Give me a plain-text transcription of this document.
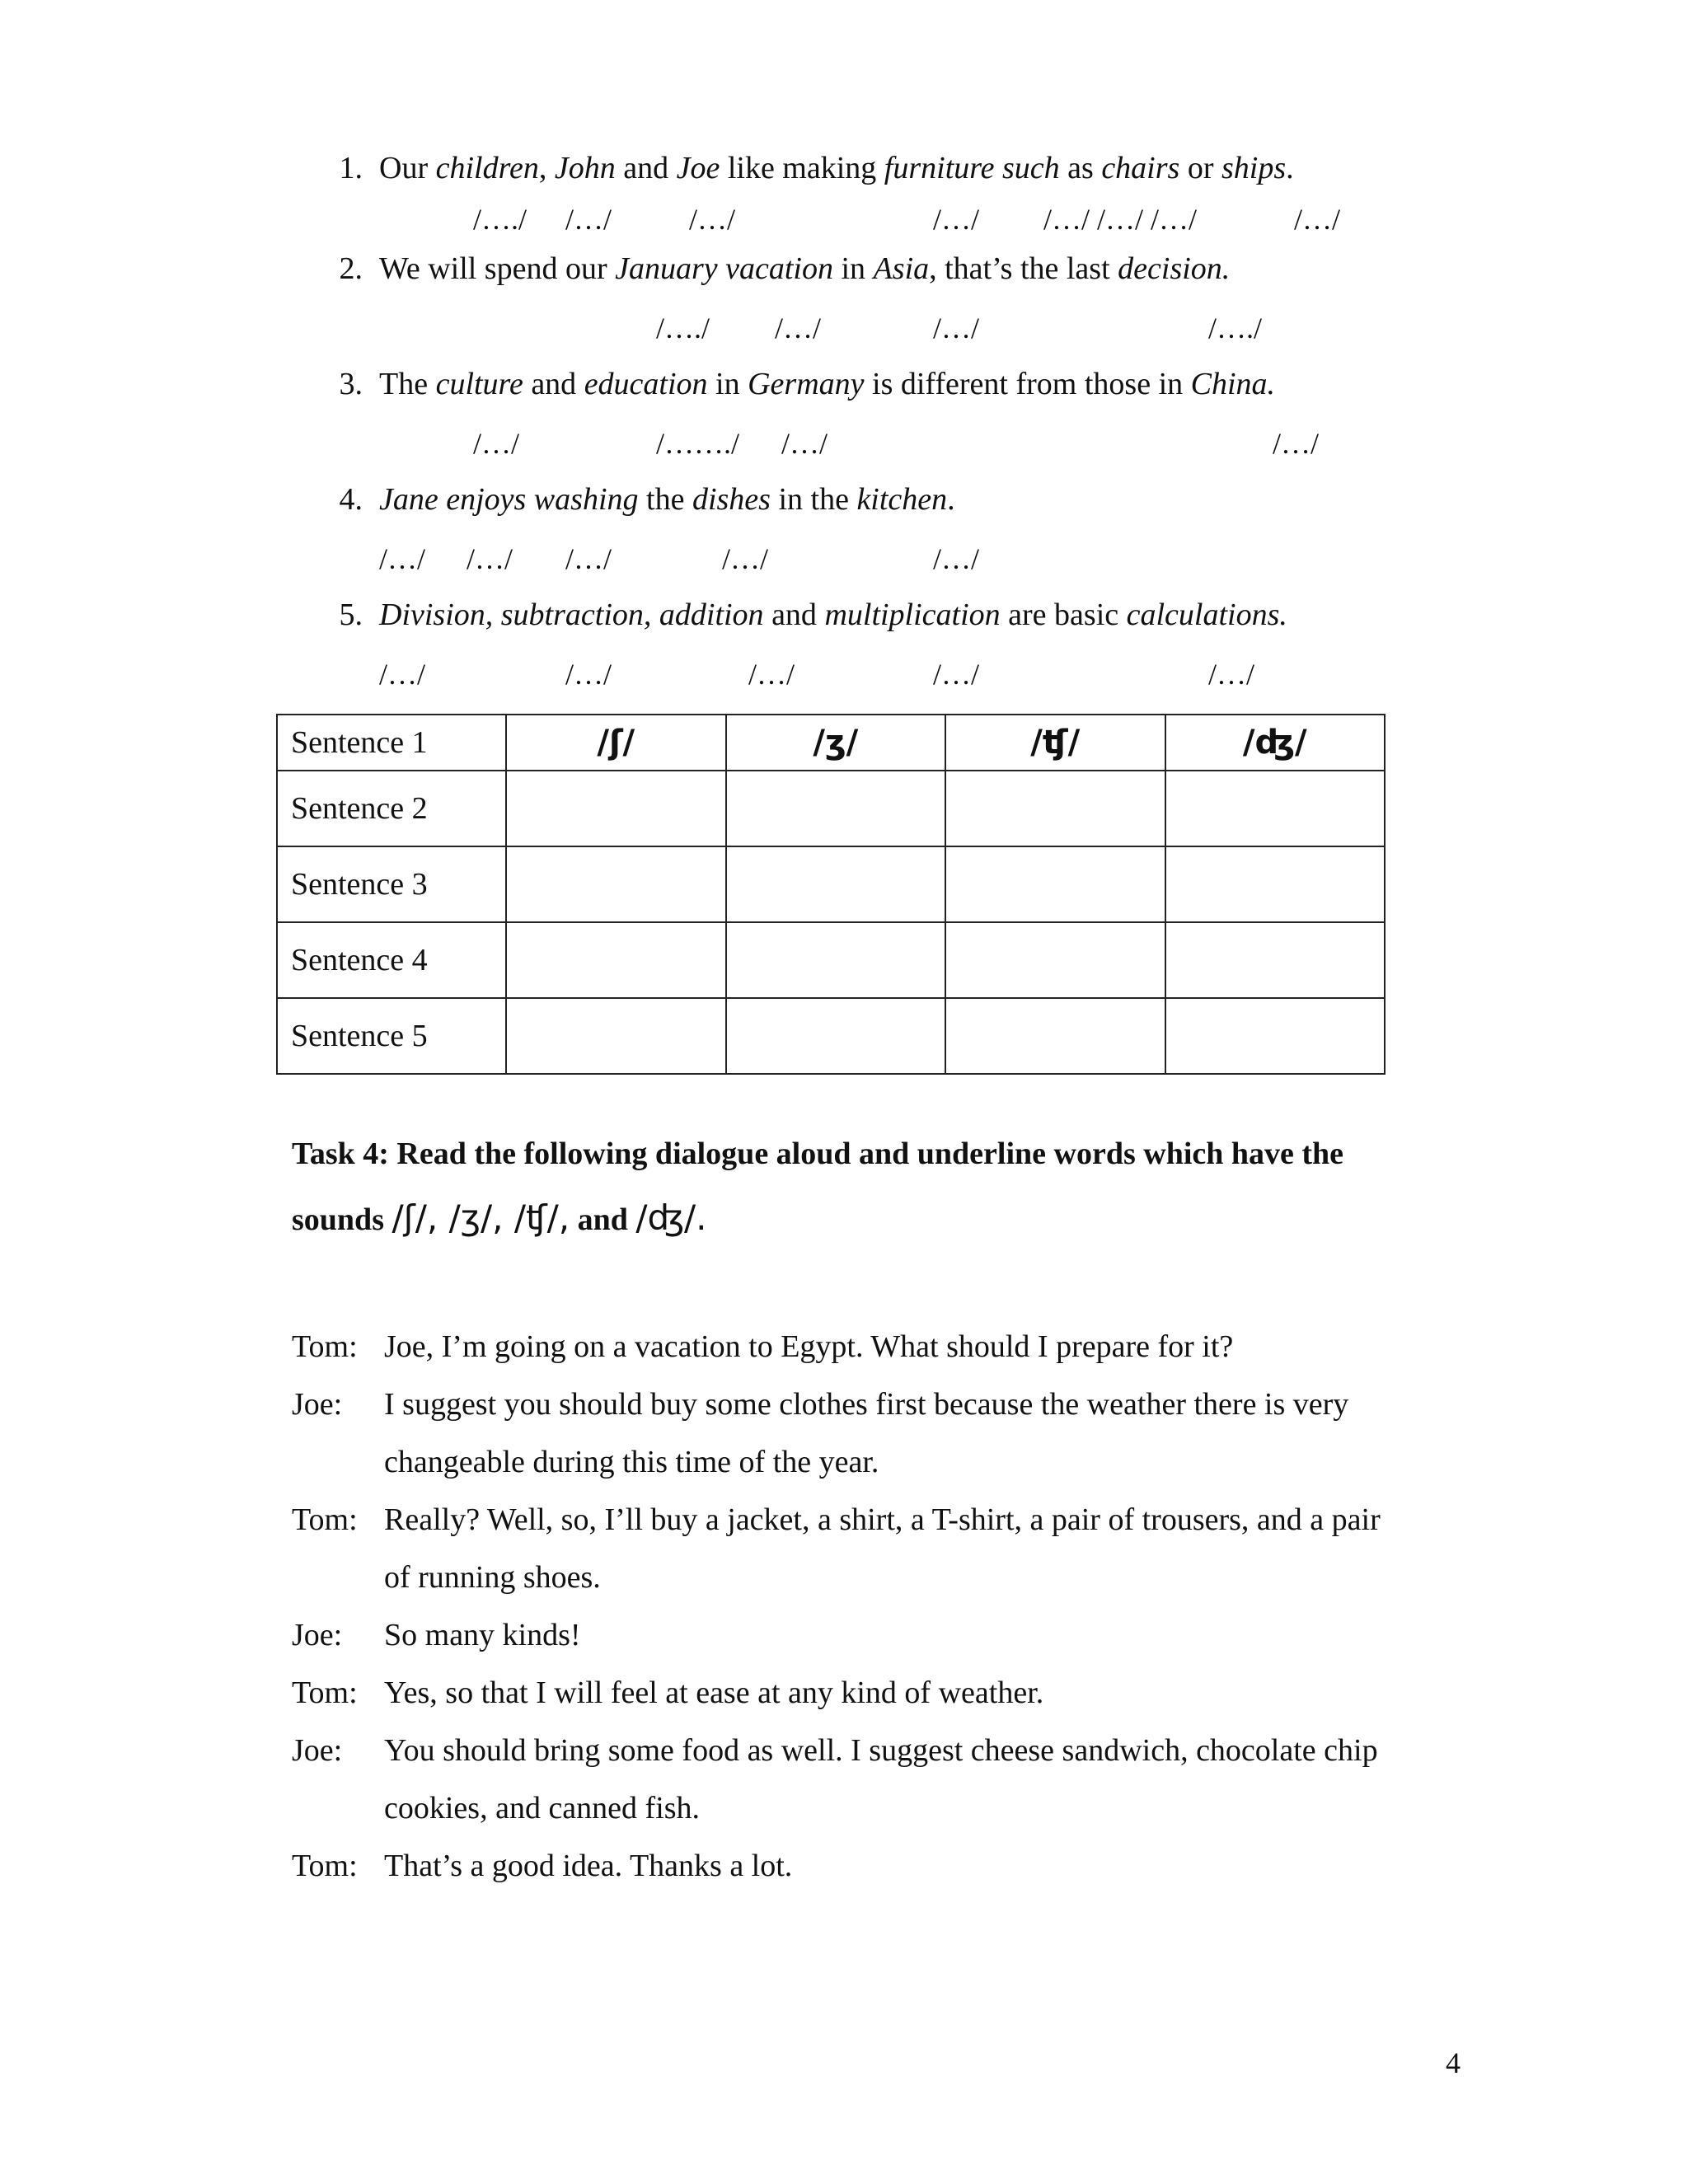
1. Our children, John and Joe like making furniture such as chairs or ships.
/…./ /…/	/…/	/…/ /…/ /…/ /…/	/…/
2. We will spend our January vacation in Asia, that’s the last decision.
/…./ /…/	/…/	/…./
3. The culture and education in Germany is different from those in China.
/…/	/……./ /…/	/…/
4. Jane enjoys washing the dishes in the kitchen.
/…/ /…/ /…/	/…/	/…/
5. Division, subtraction, addition and multiplication are basic calculations.
/…/	/…/	/…/	/…/	/…/
Sentence 1	/ʃ/	/ʒ/	/ʧ/	/ʤ/
Sentence 2				
Sentence 3				
Sentence 4				
Sentence 5				
Task 4: Read the following dialogue aloud and underline words which have the
sounds /ʃ/, /ʒ/, /ʧ/, and /ʤ/.
Tom: Joe, I’m going on a vacation to Egypt. What should I prepare for it?
Joe: I suggest you should buy some clothes first because the weather there is very
changeable during this time of the year.
Tom: Really? Well, so, I’ll buy a jacket, a shirt, a T-shirt, a pair of trousers, and a pair
of running shoes.
Joe: So many kinds!
Tom: Yes, so that I will feel at ease at any kind of weather.
Joe: You should bring some food as well. I suggest cheese sandwich, chocolate chip
cookies, and canned fish.
Tom: That’s a good idea. Thanks a lot.
4
